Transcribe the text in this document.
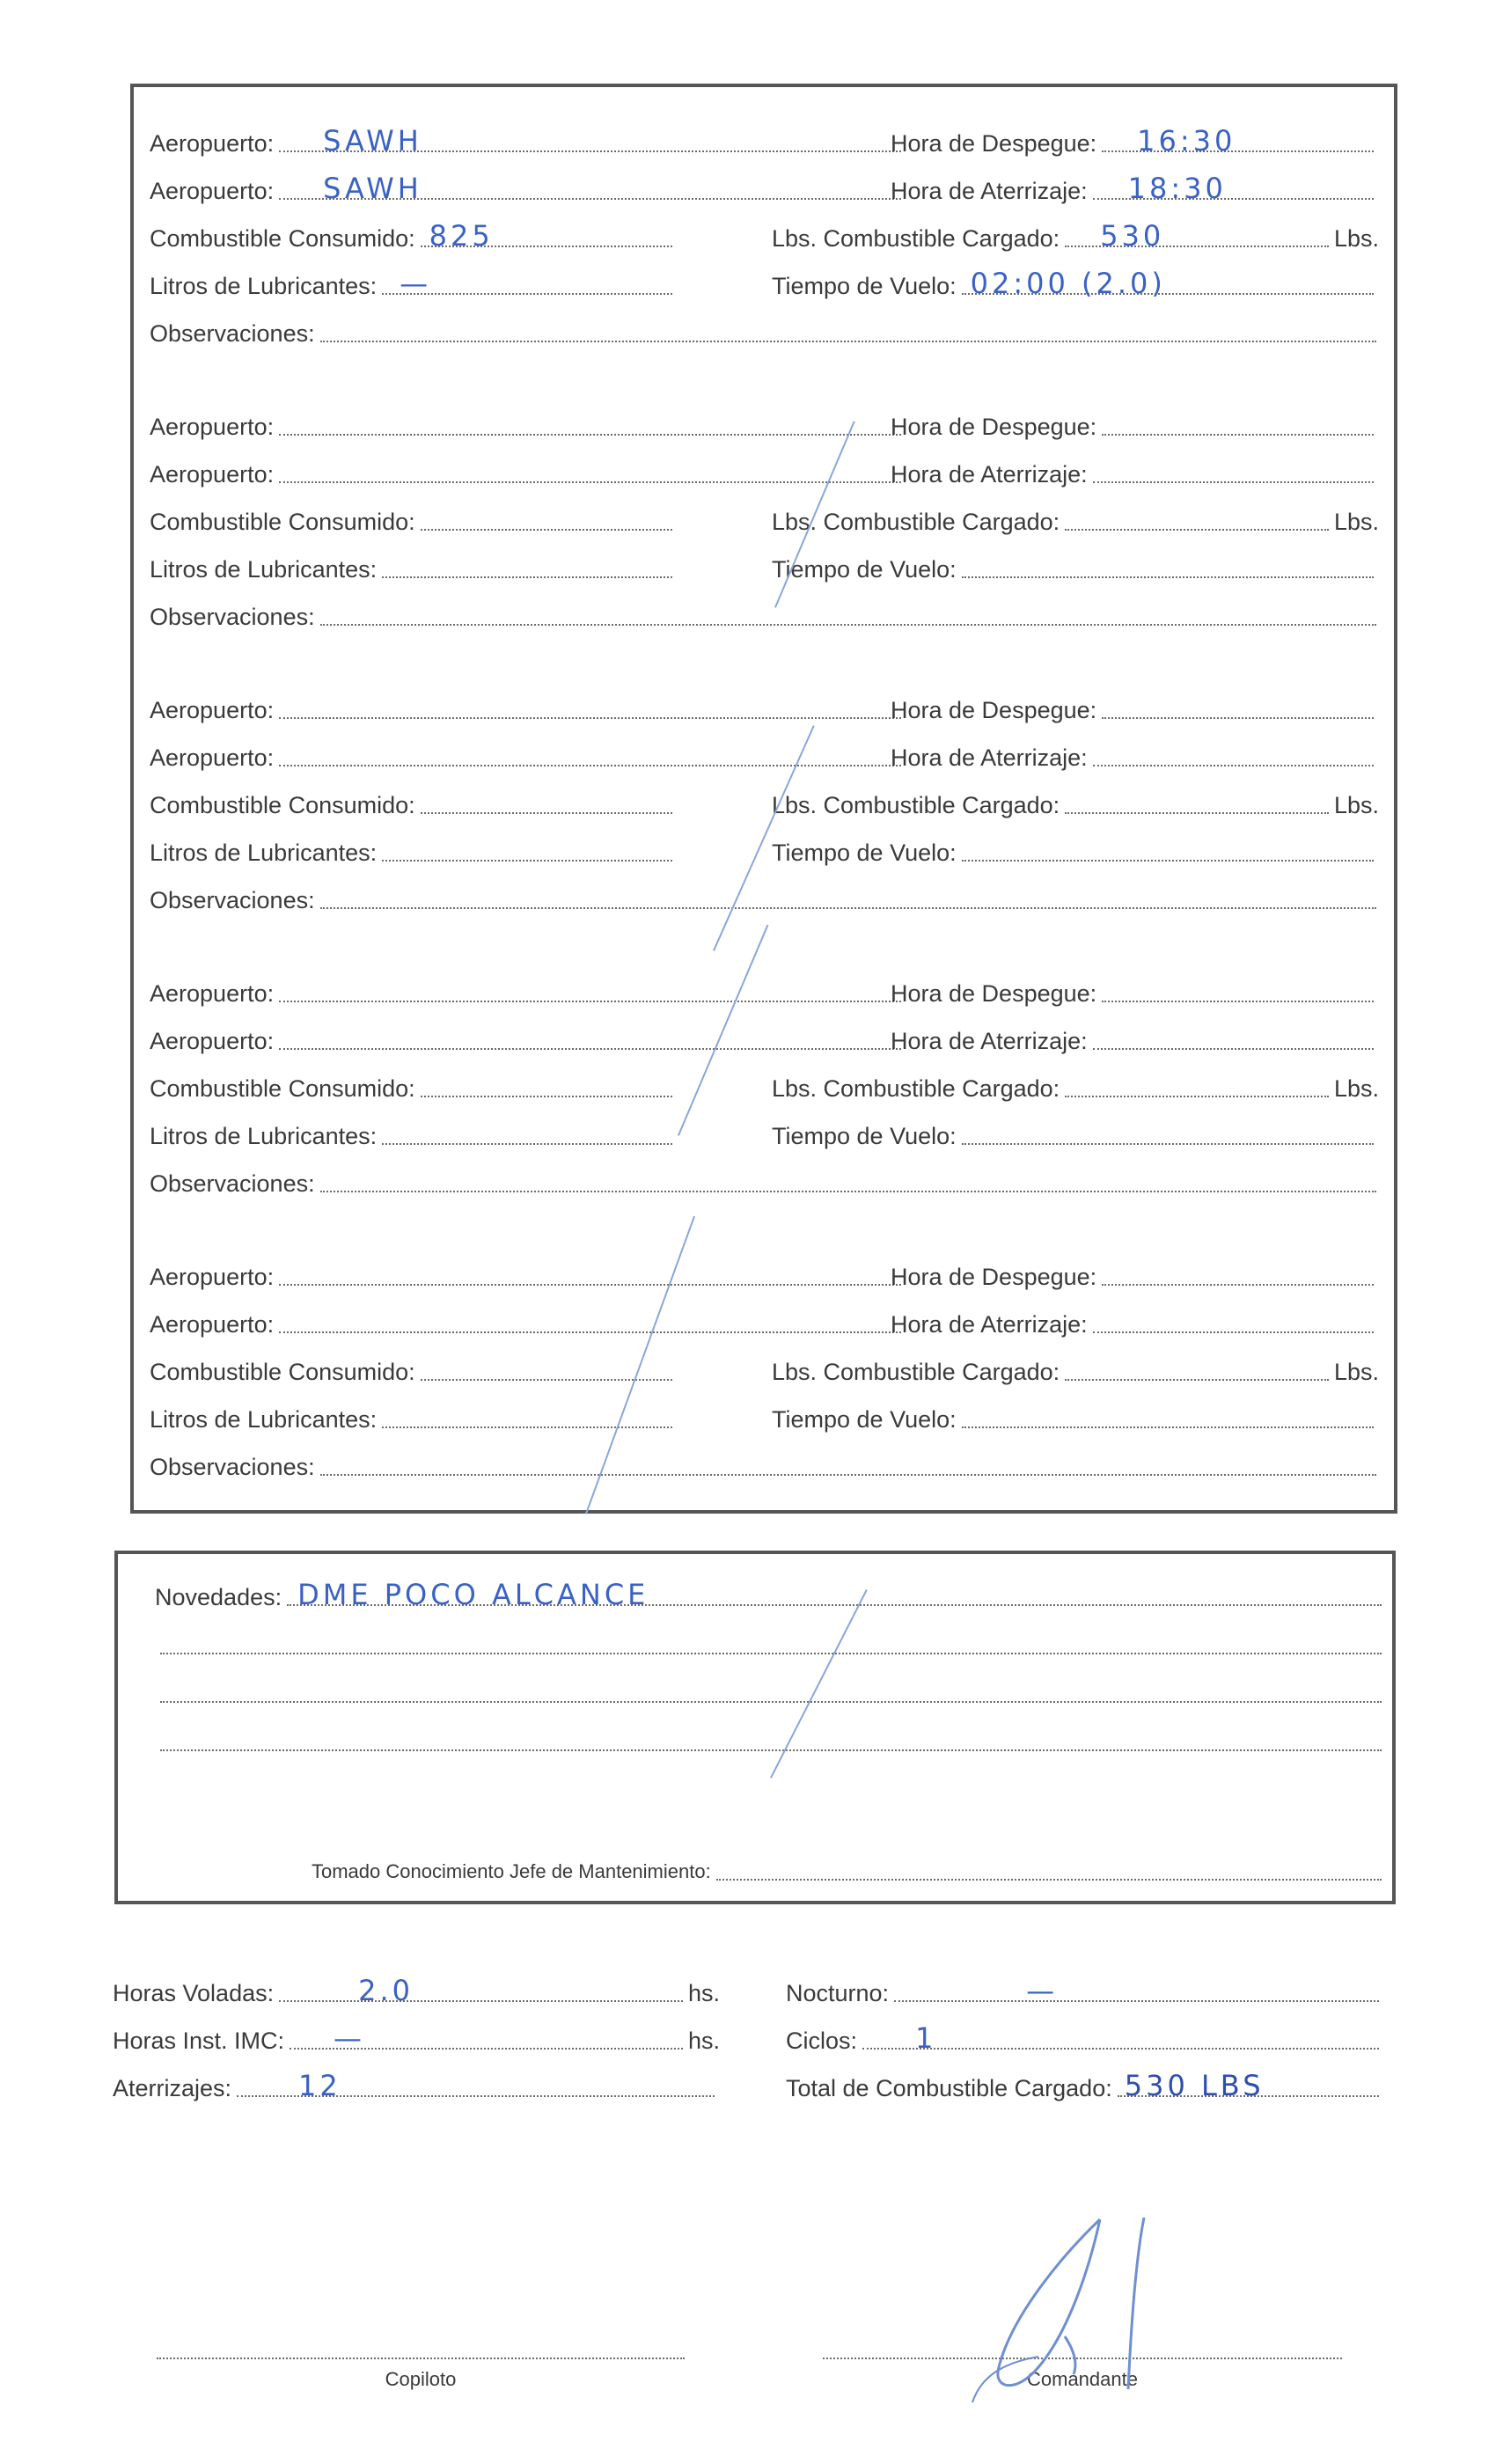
Aeropuerto: SAWH	Hora de Despegue: 16:30
Aeropuerto: SAWH	Hora de Aterrizaje: 18:30
Combustible Consumido: 825	Lbs. Combustible Cargado: 530	Lbs.
Litros de Lubricantes: —	Tiempo de Vuelo: 02:00 (2.0)
Observaciones:
Aeropuerto:	Hora de Despegue:
Aeropuerto:	Hora de Aterrizaje:
Combustible Consumido:	Lbs. Combustible Cargado:	Lbs.
Litros de Lubricantes:	Tiempo de Vuelo:
Observaciones:
Aeropuerto:	Hora de Despegue:
Aeropuerto:	Hora de Aterrizaje:
Combustible Consumido:	Lbs. Combustible Cargado:	Lbs.
Litros de Lubricantes:	Tiempo de Vuelo:
Observaciones:
Aeropuerto:	Hora de Despegue:
Aeropuerto:	Hora de Aterrizaje:
Combustible Consumido:	Lbs. Combustible Cargado:	Lbs.
Litros de Lubricantes:	Tiempo de Vuelo:
Observaciones:
Aeropuerto:	Hora de Despegue:
Aeropuerto:	Hora de Aterrizaje:
Combustible Consumido:	Lbs. Combustible Cargado:	Lbs.
Litros de Lubricantes:	Tiempo de Vuelo:
Observaciones:
Novedades: DME POCO ALCANCE
Tomado Conocimiento Jefe de Mantenimiento:
Horas Voladas:	2.0	hs.
Horas Inst. IMC: —	hs.
Aterrizajes: 12
Nocturno:	—
Ciclos: 1
Total de Combustible Cargado: 530 LBS
Copiloto	Comandante
